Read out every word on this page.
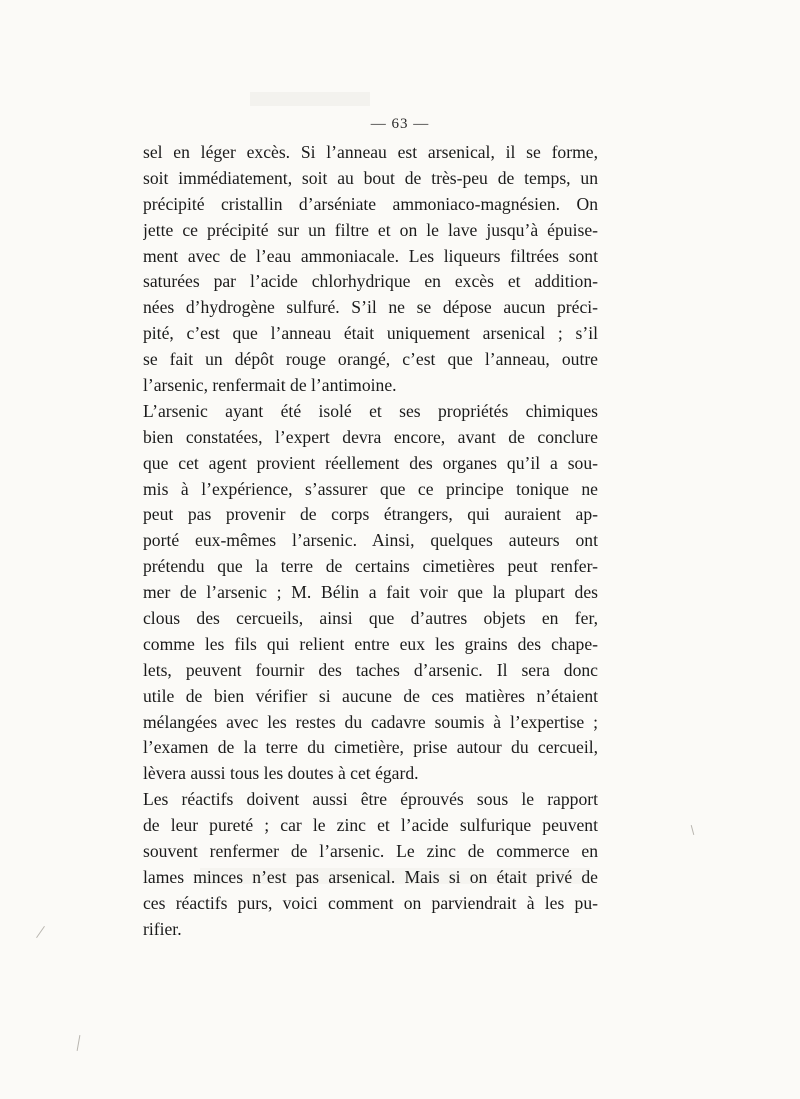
— 63 —
sel en léger excès. Si l’anneau est arsenical, il se forme,
soit immédiatement, soit au bout de très-peu de temps, un
précipité cristallin d’arséniate ammoniaco-magnésien. On
jette ce précipité sur un filtre et on le lave jusqu’à épuise-
ment avec de l’eau ammoniacale. Les liqueurs filtrées sont
saturées par l’acide chlorhydrique en excès et addition-
nées d’hydrogène sulfuré. S’il ne se dépose aucun préci-
pité, c’est que l’anneau était uniquement arsenical ; s’il
se fait un dépôt rouge orangé, c’est que l’anneau, outre
l’arsenic, renfermait de l’antimoine.
L’arsenic ayant été isolé et ses propriétés chimiques
bien constatées, l’expert devra encore, avant de conclure
que cet agent provient réellement des organes qu’il a sou-
mis à l’expérience, s’assurer que ce principe tonique ne
peut pas provenir de corps étrangers, qui auraient ap-
porté eux-mêmes l’arsenic. Ainsi, quelques auteurs ont
prétendu que la terre de certains cimetières peut renfer-
mer de l’arsenic ; M. Bélin a fait voir que la plupart des
clous des cercueils, ainsi que d’autres objets en fer,
comme les fils qui relient entre eux les grains des chape-
lets, peuvent fournir des taches d’arsenic. Il sera donc
utile de bien vérifier si aucune de ces matières n’étaient
mélangées avec les restes du cadavre soumis à l’expertise ;
l’examen de la terre du cimetière, prise autour du cercueil,
lèvera aussi tous les doutes à cet égard.
Les réactifs doivent aussi être éprouvés sous le rapport
de leur pureté ; car le zinc et l’acide sulfurique peuvent
souvent renfermer de l’arsenic. Le zinc de commerce en
lames minces n’est pas arsenical. Mais si on était privé de
ces réactifs purs, voici comment on parviendrait à les pu-
rifier.
